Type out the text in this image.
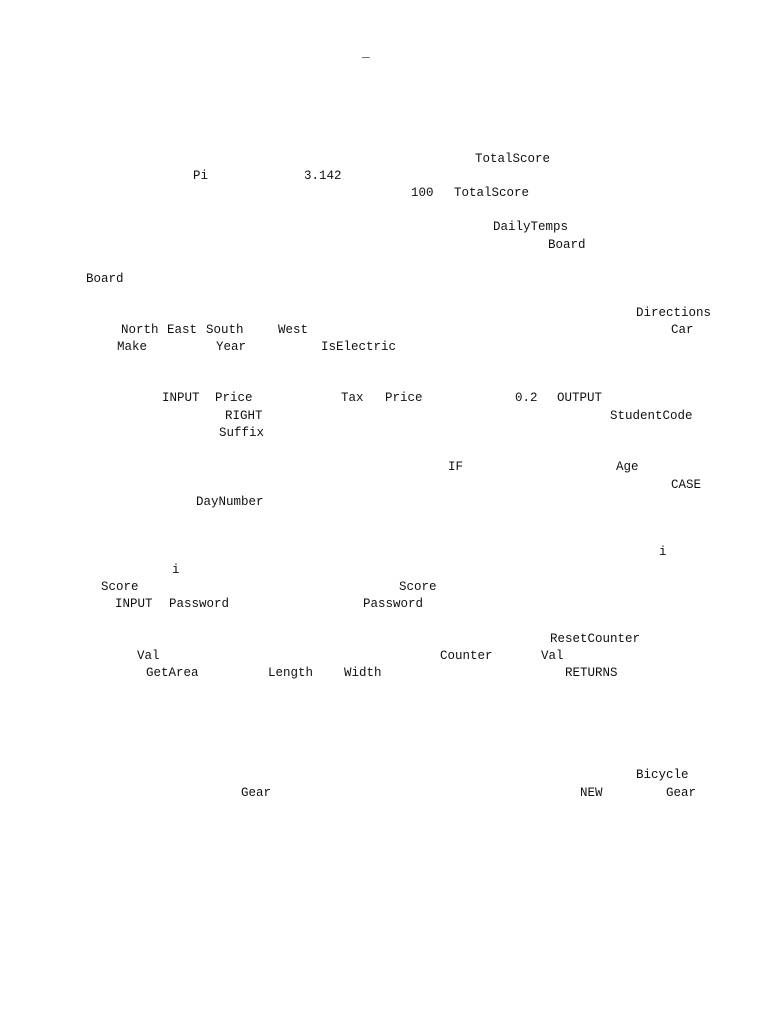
_
TotalScore
Pi	3.142
100 TotalScore
DailyTemps
Board
Board
Directions
North East South	West	Car
Make	Year	IsElectric
INPUT Price	Tax Price	0.2 OUTPUT
RIGHT	StudentCode
Suffix
IF	Age
CASE
DayNumber
i
i
Score	Score
INPUT Password	Password
ResetCounter
Val	Counter	Val
GetArea	Length Width	RETURNS
Bicycle
Gear	NEW	Gear
